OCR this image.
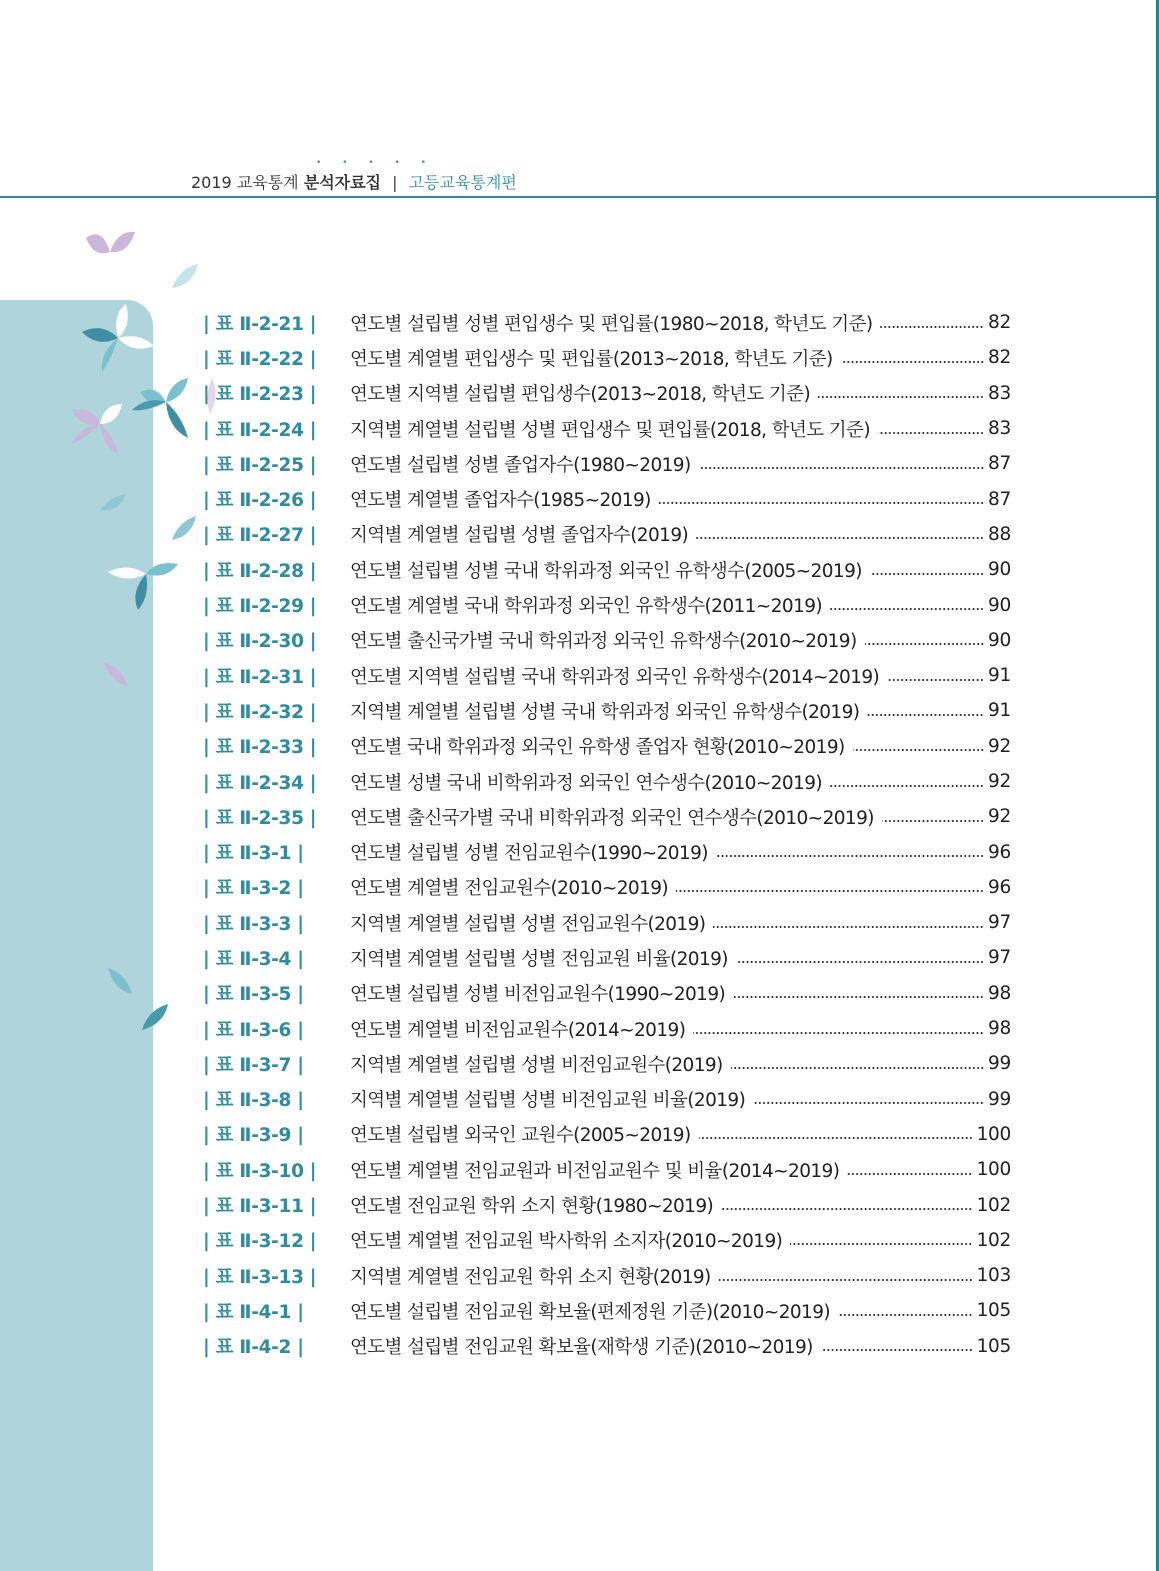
• • • • •
2019 교육통계 분석자료집 | 고등교육통계편
| 표 Ⅱ-2-21 |	연도별 설립별 성별 편입생수 및 편입률(1980~2018, 학년도 기준)	82
| 표 Ⅱ-2-22 |	연도별 계열별 편입생수 및 편입률(2013~2018, 학년도 기준)	82
| 표 Ⅱ-2-23 |	연도별 지역별 설립별 편입생수(2013~2018, 학년도 기준)	83
| 표 Ⅱ-2-24 |	지역별 계열별 설립별 성별 편입생수 및 편입률(2018, 학년도 기준)	83
| 표 Ⅱ-2-25 |	연도별 설립별 성별 졸업자수(1980~2019)	87
| 표 Ⅱ-2-26 |	연도별 계열별 졸업자수(1985~2019)	87
| 표 Ⅱ-2-27 |	지역별 계열별 설립별 성별 졸업자수(2019)	88
| 표 Ⅱ-2-28 |	연도별 설립별 성별 국내 학위과정 외국인 유학생수(2005~2019)	90
| 표 Ⅱ-2-29 |	연도별 계열별 국내 학위과정 외국인 유학생수(2011~2019)	90
| 표 Ⅱ-2-30 |	연도별 출신국가별 국내 학위과정 외국인 유학생수(2010~2019)	90
| 표 Ⅱ-2-31 |	연도별 지역별 설립별 국내 학위과정 외국인 유학생수(2014~2019)	91
| 표 Ⅱ-2-32 |	지역별 계열별 설립별 성별 국내 학위과정 외국인 유학생수(2019)	91
| 표 Ⅱ-2-33 |	연도별 국내 학위과정 외국인 유학생 졸업자 현황(2010~2019)	92
| 표 Ⅱ-2-34 |	연도별 성별 국내 비학위과정 외국인 연수생수(2010~2019)	92
| 표 Ⅱ-2-35 |	연도별 출신국가별 국내 비학위과정 외국인 연수생수(2010~2019)	92
| 표 Ⅱ-3-1 |	연도별 설립별 성별 전임교원수(1990~2019)	96
| 표 Ⅱ-3-2 |	연도별 계열별 전임교원수(2010~2019)	96
| 표 Ⅱ-3-3 |	지역별 계열별 설립별 성별 전임교원수(2019)	97
| 표 Ⅱ-3-4 |	지역별 계열별 설립별 성별 전임교원 비율(2019)	97
| 표 Ⅱ-3-5 |	연도별 설립별 성별 비전임교원수(1990~2019)	98
| 표 Ⅱ-3-6 |	연도별 계열별 비전임교원수(2014~2019)	98
| 표 Ⅱ-3-7 |	지역별 계열별 설립별 성별 비전임교원수(2019)	99
| 표 Ⅱ-3-8 |	지역별 계열별 설립별 성별 비전임교원 비율(2019)	99
| 표 Ⅱ-3-9 |	연도별 설립별 외국인 교원수(2005~2019)	100
| 표 Ⅱ-3-10 |	연도별 계열별 전임교원과 비전임교원수 및 비율(2014~2019)	100
| 표 Ⅱ-3-11 |	연도별 전임교원 학위 소지 현황(1980~2019)	102
| 표 Ⅱ-3-12 |	연도별 계열별 전임교원 박사학위 소지자(2010~2019)	102
| 표 Ⅱ-3-13 |	지역별 계열별 전임교원 학위 소지 현황(2019)	103
| 표 Ⅱ-4-1 |	연도별 설립별 전임교원 확보율(편제정원 기준)(2010~2019)	105
| 표 Ⅱ-4-2 |	연도별 설립별 전임교원 확보율(재학생 기준)(2010~2019)	105
